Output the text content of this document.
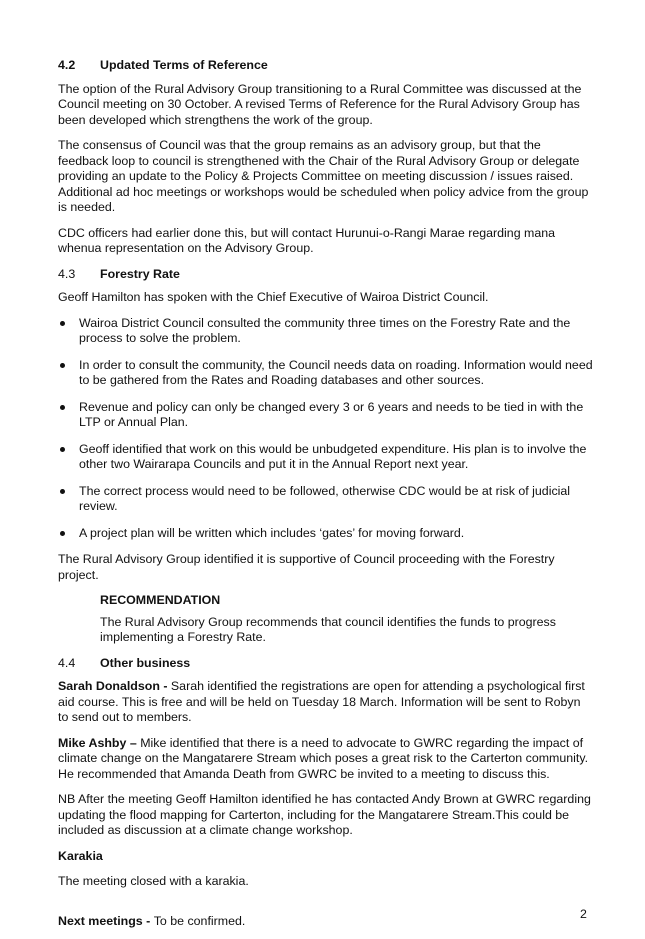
4.2	Updated Terms of Reference

The option of the Rural Advisory Group transitioning to a Rural Committee was discussed at the Council meeting on 30 October. A revised Terms of Reference for the Rural Advisory Group has been developed which strengthens the work of the group.

The consensus of Council was that the group remains as an advisory group, but that the feedback loop to council is strengthened with the Chair of the Rural Advisory Group or delegate providing an update to the Policy & Projects Committee on meeting discussion / issues raised. Additional ad hoc meetings or workshops would be scheduled when policy advice from the group is needed.

CDC officers had earlier done this, but will contact Hurunui-o-Rangi Marae regarding mana whenua representation on the Advisory Group.

4.3	Forestry Rate

Geoff Hamilton has spoken with the Chief Executive of Wairoa District Council.

Wairoa District Council consulted the community three times on the Forestry Rate and the process to solve the problem.
In order to consult the community, the Council needs data on roading. Information would need to be gathered from the Rates and Roading databases and other sources.
Revenue and policy can only be changed every 3 or 6 years and needs to be tied in with the LTP or Annual Plan.
Geoff identified that work on this would be unbudgeted expenditure. His plan is to involve the other two Wairarapa Councils and put it in the Annual Report next year.
The correct process would need to be followed, otherwise CDC would be at risk of judicial review.
A project plan will be written which includes ‘gates’ for moving forward.

The Rural Advisory Group identified it is supportive of Council proceeding with the Forestry project.

RECOMMENDATION

The Rural Advisory Group recommends that council identifies the funds to progress implementing a Forestry Rate.

4.4	Other business

Sarah Donaldson - Sarah identified the registrations are open for attending a psychological first aid course. This is free and will be held on Tuesday 18 March. Information will be sent to Robyn to send out to members.

Mike Ashby – Mike identified that there is a need to advocate to GWRC regarding the impact of climate change on the Mangatarere Stream which poses a great risk to the Carterton community. He recommended that Amanda Death from GWRC be invited to a meeting to discuss this.

NB After the meeting Geoff Hamilton identified he has contacted Andy Brown at GWRC regarding updating the flood mapping for Carterton, including for the Mangatarere Stream.This could be included as discussion at a climate change workshop.

Karakia

The meeting closed with a karakia.

Next meetings - To be confirmed.	2
